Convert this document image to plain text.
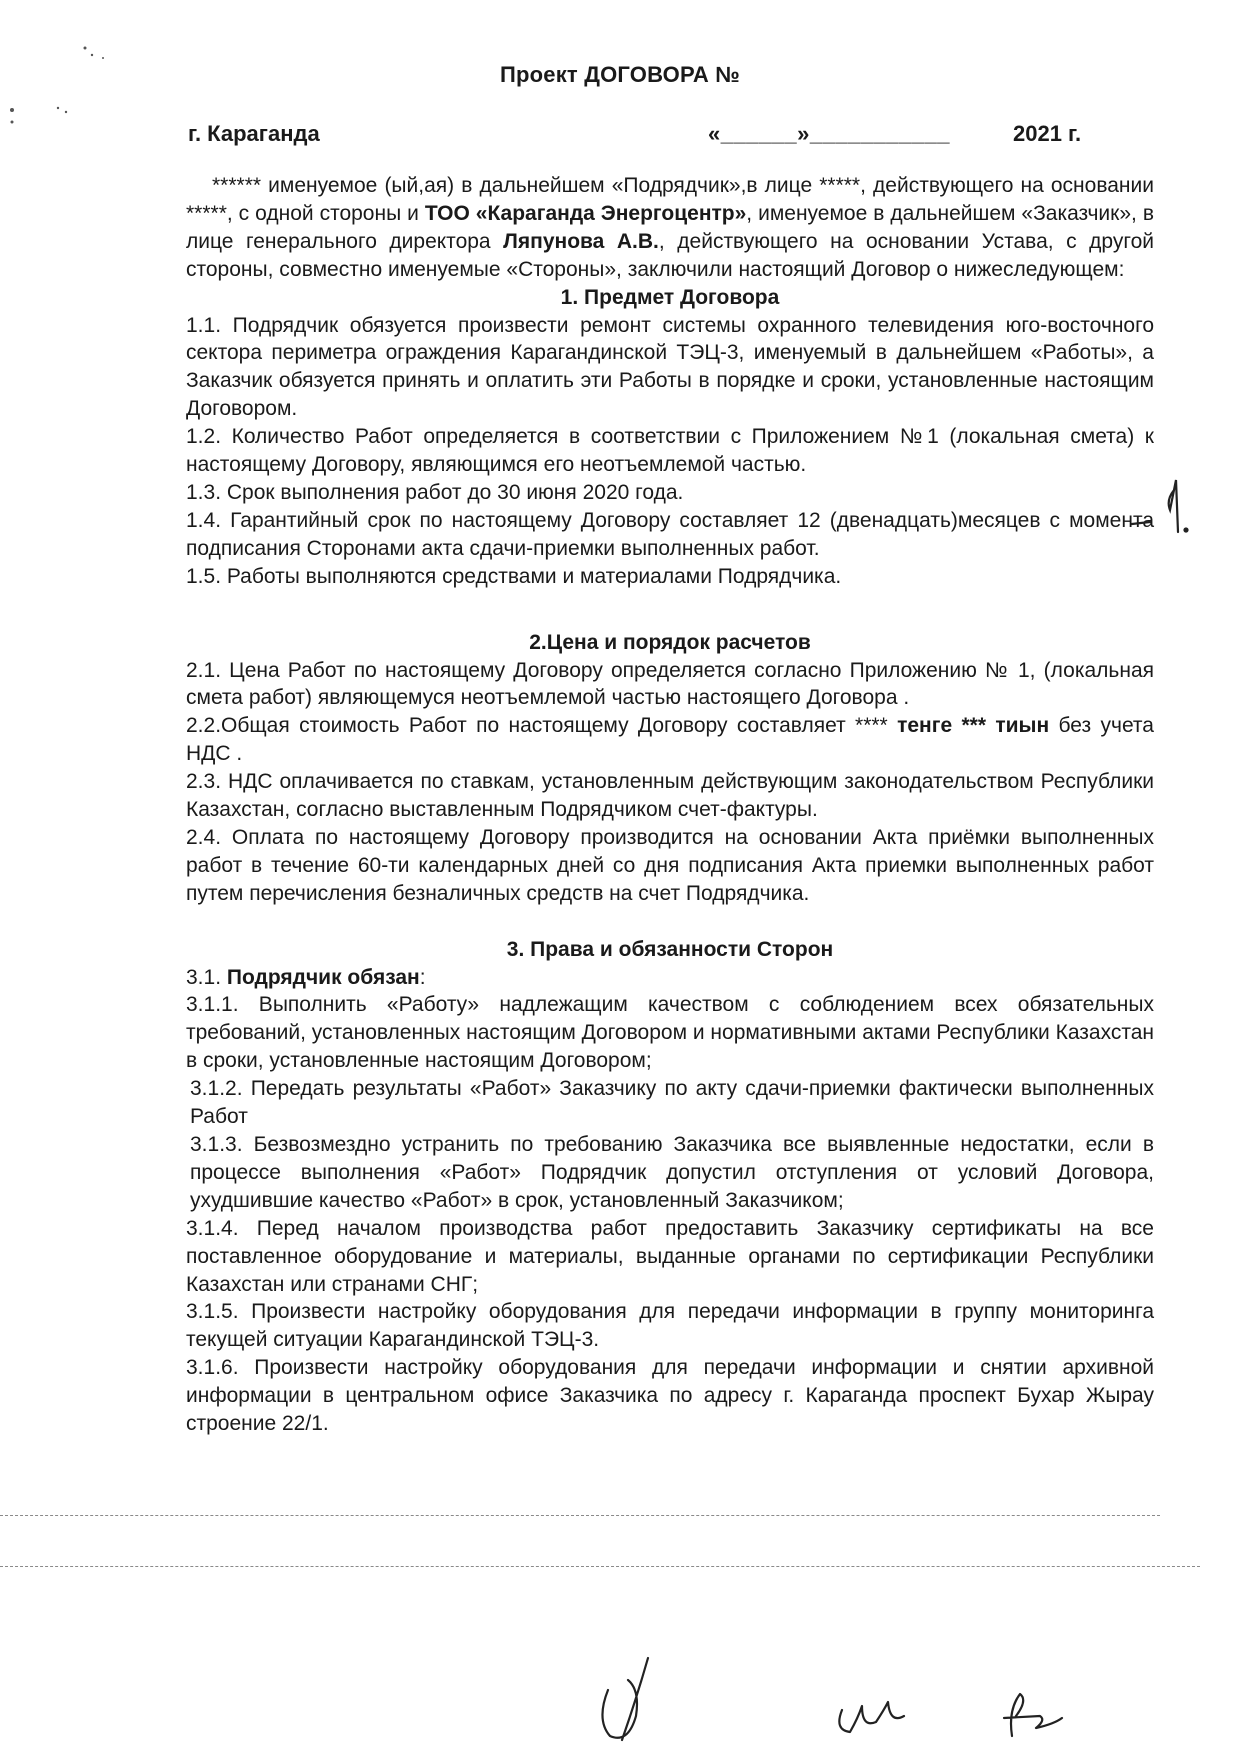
Проект ДОГОВОРА №
г. Караганда	«______»___________	2021 г.

****** именуемое (ый,ая) в дальнейшем «Подрядчик»,в лице *****, действующего на основании *****, с одной стороны и ТОО «Караганда Энергоцентр», именуемое в дальнейшем «Заказчик», в лице генерального директора Ляпунова А.В., действующего на основании Устава, с другой стороны, совместно именуемые «Стороны», заключили настоящий Договор о нижеследующем:

1. Предмет Договора

1.1. Подрядчик обязуется произвести ремонт системы охранного телевидения юго-восточного сектора периметра ограждения Карагандинской ТЭЦ-3, именуемый в дальнейшем «Работы», а Заказчик обязуется принять и оплатить эти Работы в порядке и сроки, установленные настоящим Договором.

1.2. Количество Работ определяется в соответствии с Приложением №1 (локальная смета) к настоящему Договору, являющимся его неотъемлемой частью.

1.3. Срок выполнения работ до 30 июня 2020 года.

1.4. Гарантийный срок по настоящему Договору составляет 12 (двенадцать)месяцев с момента подписания Сторонами акта сдачи-приемки выполненных работ.

1.5. Работы выполняются средствами и материалами Подрядчика.

2.Цена и порядок расчетов

2.1. Цена Работ по настоящему Договору определяется согласно Приложению № 1, (локальная смета работ) являющемуся неотъемлемой частью настоящего Договора .

2.2.Общая стоимость Работ по настоящему Договору составляет **** тенге *** тиын без учета НДС .

2.3. НДС оплачивается по ставкам, установленным действующим законодательством Республики Казахстан, согласно выставленным Подрядчиком счет-фактуры.

2.4. Оплата по настоящему Договору производится на основании Акта приёмки выполненных работ в течение 60-ти календарных дней со дня подписания Акта приемки выполненных работ путем перечисления безналичных средств на счет Подрядчика.

3. Права и обязанности Сторон

3.1. Подрядчик обязан:

3.1.1. Выполнить «Работу» надлежащим качеством с соблюдением всех обязательных требований, установленных настоящим Договором и нормативными актами Республики Казахстан в сроки, установленные настоящим Договором;

3.1.2. Передать результаты «Работ» Заказчику по акту сдачи-приемки фактически выполненных Работ

3.1.3. Безвозмездно устранить по требованию Заказчика все выявленные недостатки, если в процессе выполнения «Работ» Подрядчик допустил отступления от условий Договора, ухудшившие качество «Работ» в срок, установленный Заказчиком;

3.1.4. Перед началом производства работ предоставить Заказчику сертификаты на все поставленное оборудование и материалы, выданные органами по сертификации Республики Казахстан или странами СНГ;

3.1.5. Произвести настройку оборудования для передачи информации в группу мониторинга текущей ситуации Карагандинской ТЭЦ-3.

3.1.6. Произвести настройку оборудования для передачи информации и снятии архивной информации в центральном офисе Заказчика по адресу г. Караганда проспект Бухар Жырау строение 22/1.
